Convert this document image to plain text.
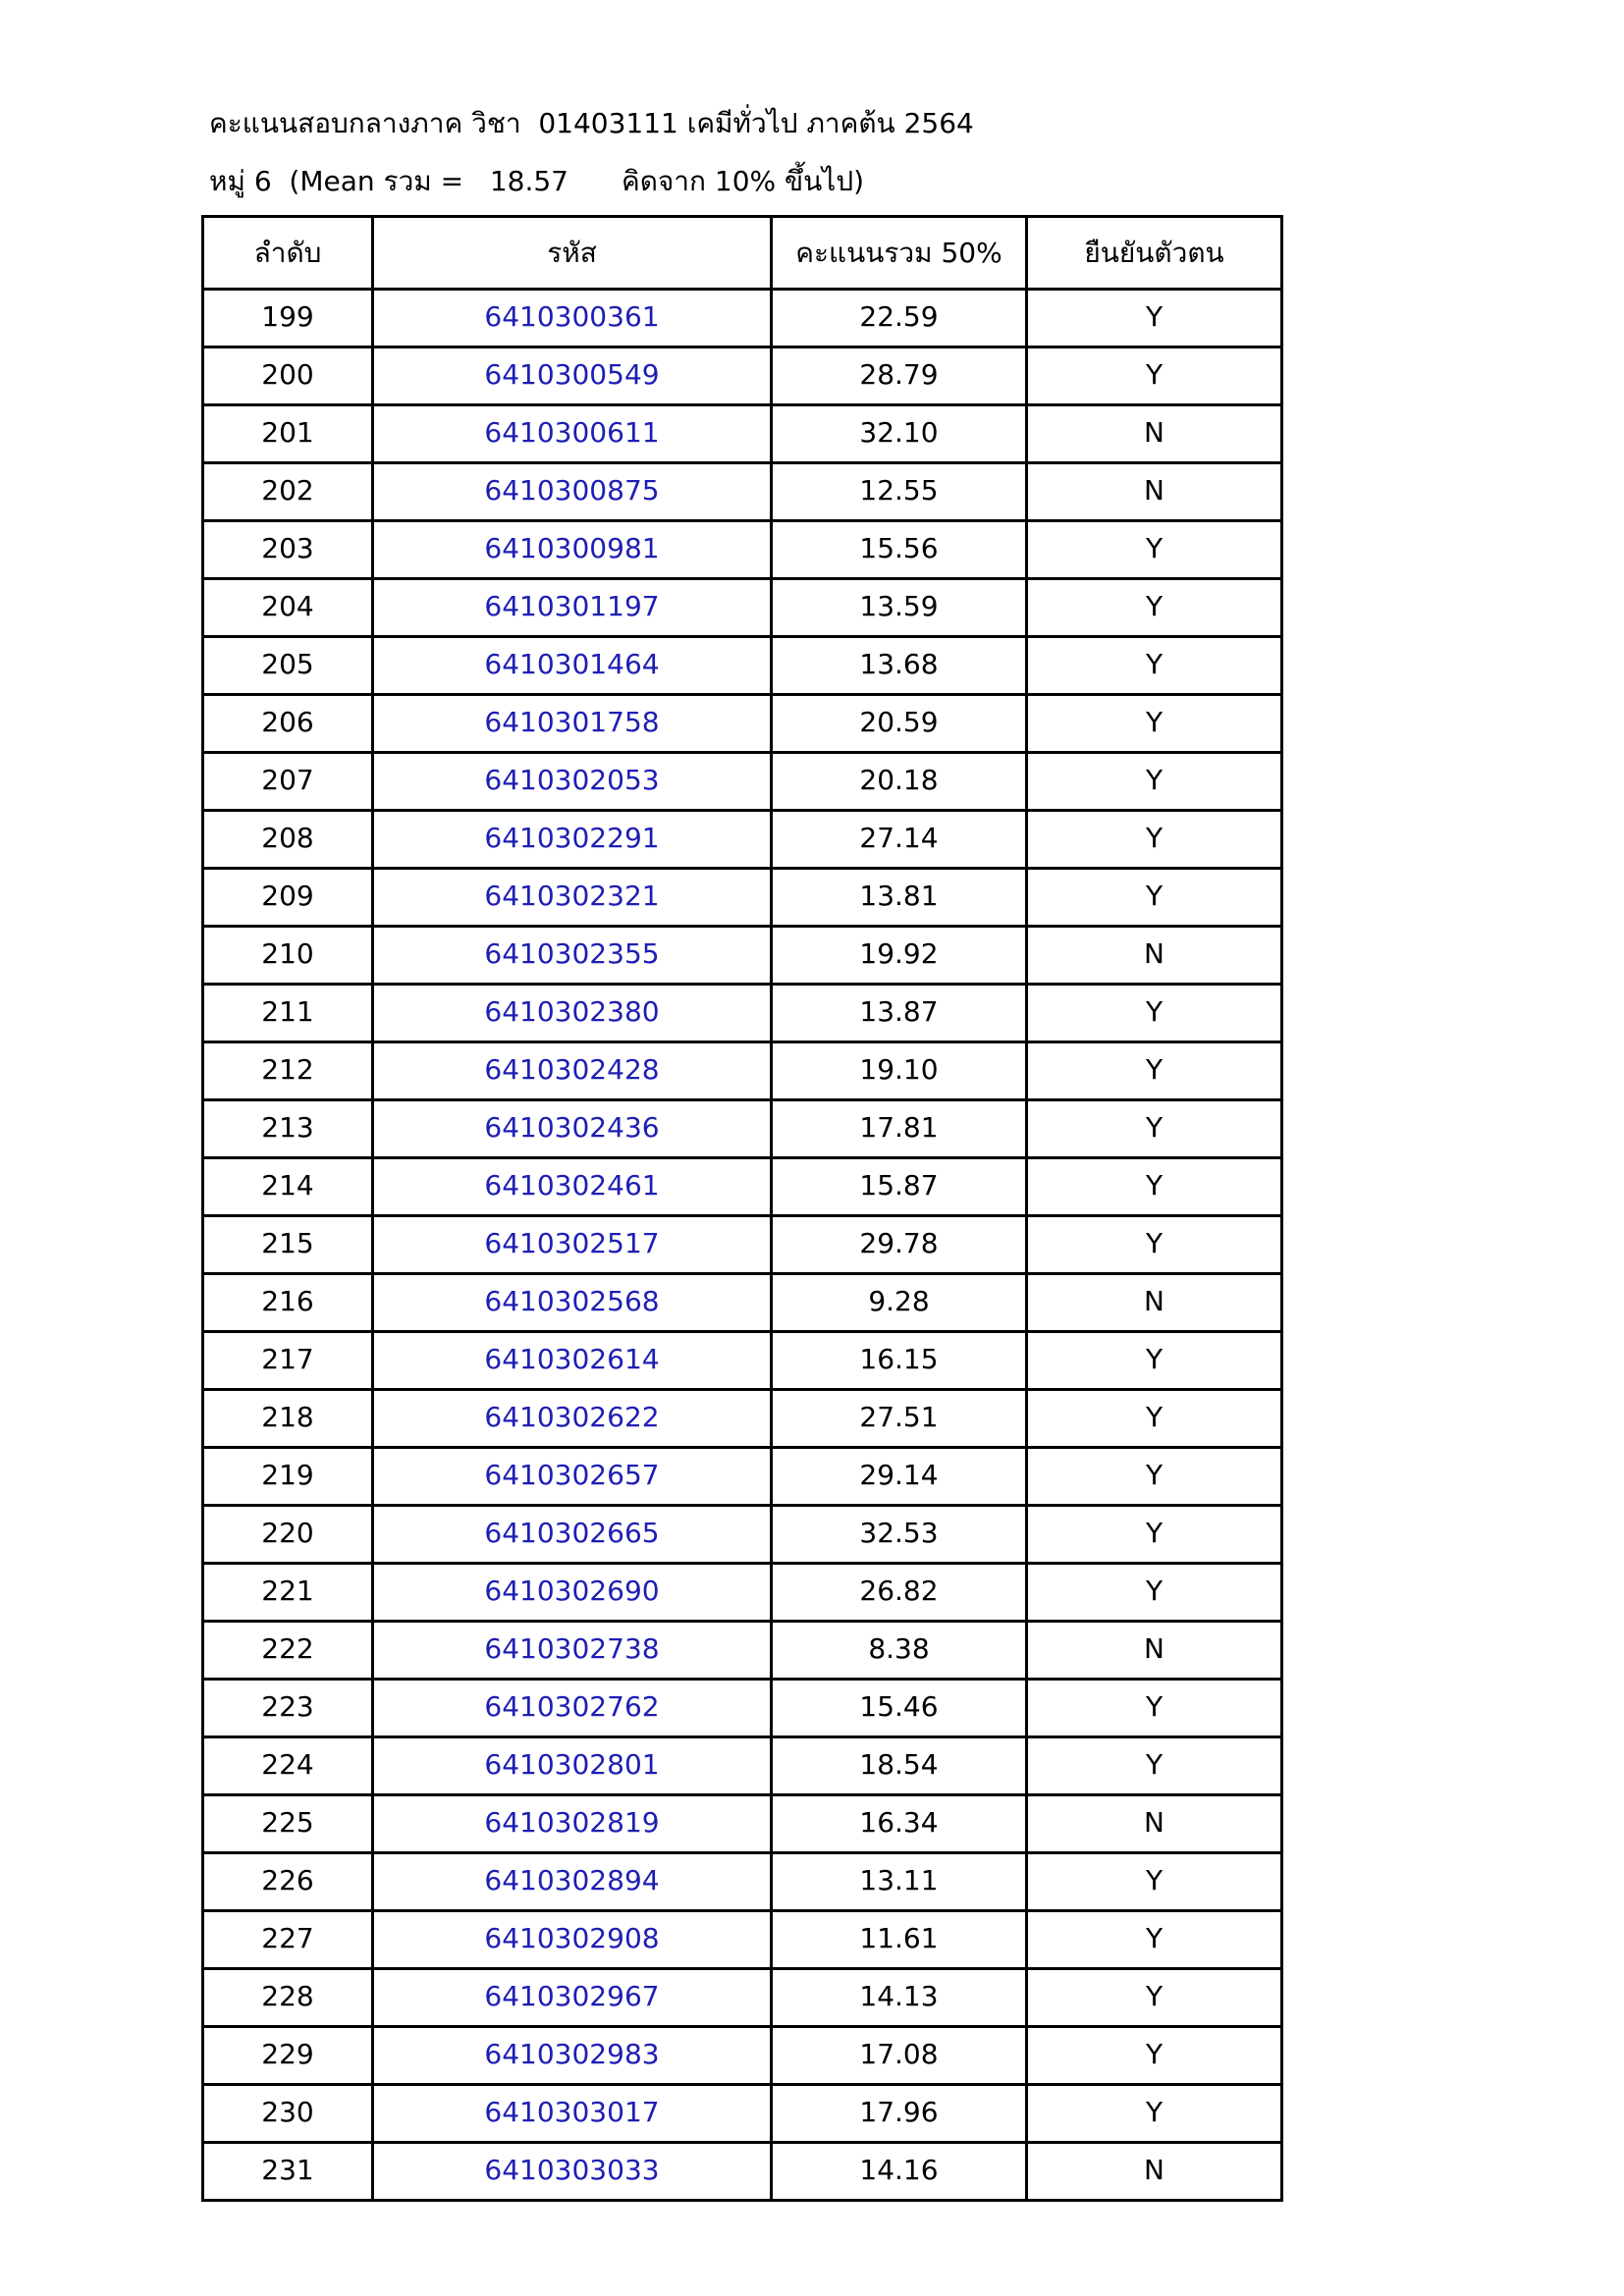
คะแนนสอบกลางภาค วิชา  01403111 เคมีทั่วไป ภาคต้น 2564
หมู่ 6  (Mean รวม =   18.57 คิดจาก 10% ขึ้นไป)
ลำดับ	รหัส	คะแนนรวม 50%	ยืนยันตัวตน
199	6410300361	22.59	Y
200	6410300549	28.79	Y
201	6410300611	32.10	N
202	6410300875	12.55	N
203	6410300981	15.56	Y
204	6410301197	13.59	Y
205	6410301464	13.68	Y
206	6410301758	20.59	Y
207	6410302053	20.18	Y
208	6410302291	27.14	Y
209	6410302321	13.81	Y
210	6410302355	19.92	N
211	6410302380	13.87	Y
212	6410302428	19.10	Y
213	6410302436	17.81	Y
214	6410302461	15.87	Y
215	6410302517	29.78	Y
216	6410302568	9.28	N
217	6410302614	16.15	Y
218	6410302622	27.51	Y
219	6410302657	29.14	Y
220	6410302665	32.53	Y
221	6410302690	26.82	Y
222	6410302738	8.38	N
223	6410302762	15.46	Y
224	6410302801	18.54	Y
225	6410302819	16.34	N
226	6410302894	13.11	Y
227	6410302908	11.61	Y
228	6410302967	14.13	Y
229	6410302983	17.08	Y
230	6410303017	17.96	Y
231	6410303033	14.16	N
